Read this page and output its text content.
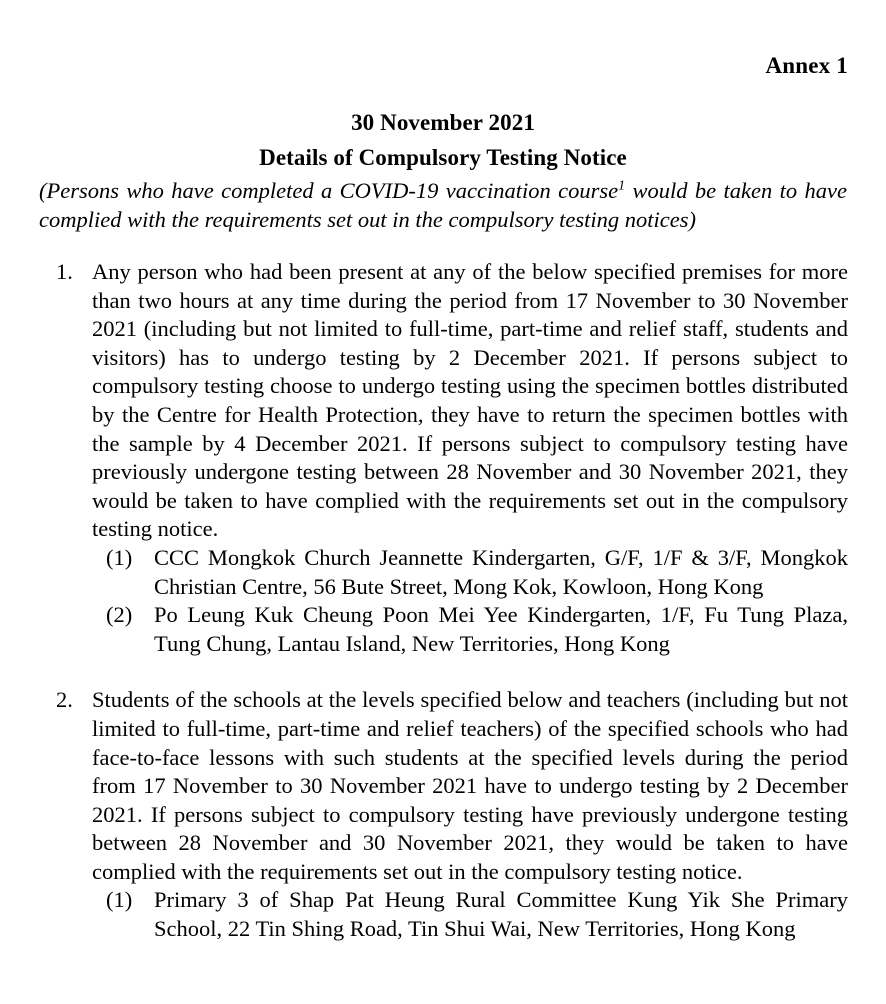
Annex 1
30 November 2021
Details of Compulsory Testing Notice
(Persons who have completed a COVID-19 vaccination course$^1$ would be taken to have complied with the requirements set out in the compulsory testing notices)
1. Any person who had been present at any of the below specified premises for more than two hours at any time during the period from 17 November to 30 November 2021 (including but not limited to full-time, part-time and relief staff, students and visitors) has to undergo testing by 2 December 2021. If persons subject to compulsory testing choose to undergo testing using the specimen bottles distributed by the Centre for Health Protection, they have to return the specimen bottles with the sample by 4 December 2021. If persons subject to compulsory testing have previously undergone testing between 28 November and 30 November 2021, they would be taken to have complied with the requirements set out in the compulsory testing notice.
(1) CCC Mongkok Church Jeannette Kindergarten, G/F, 1/F & 3/F, Mongkok Christian Centre, 56 Bute Street, Mong Kok, Kowloon, Hong Kong
(2) Po Leung Kuk Cheung Poon Mei Yee Kindergarten, 1/F, Fu Tung Plaza, Tung Chung, Lantau Island, New Territories, Hong Kong
2. Students of the schools at the levels specified below and teachers (including but not limited to full-time, part-time and relief teachers) of the specified schools who had face-to-face lessons with such students at the specified levels during the period from 17 November to 30 November 2021 have to undergo testing by 2 December 2021. If persons subject to compulsory testing have previously undergone testing between 28 November and 30 November 2021, they would be taken to have complied with the requirements set out in the compulsory testing notice.
(1) Primary 3 of Shap Pat Heung Rural Committee Kung Yik She Primary School, 22 Tin Shing Road, Tin Shui Wai, New Territories, Hong Kong
